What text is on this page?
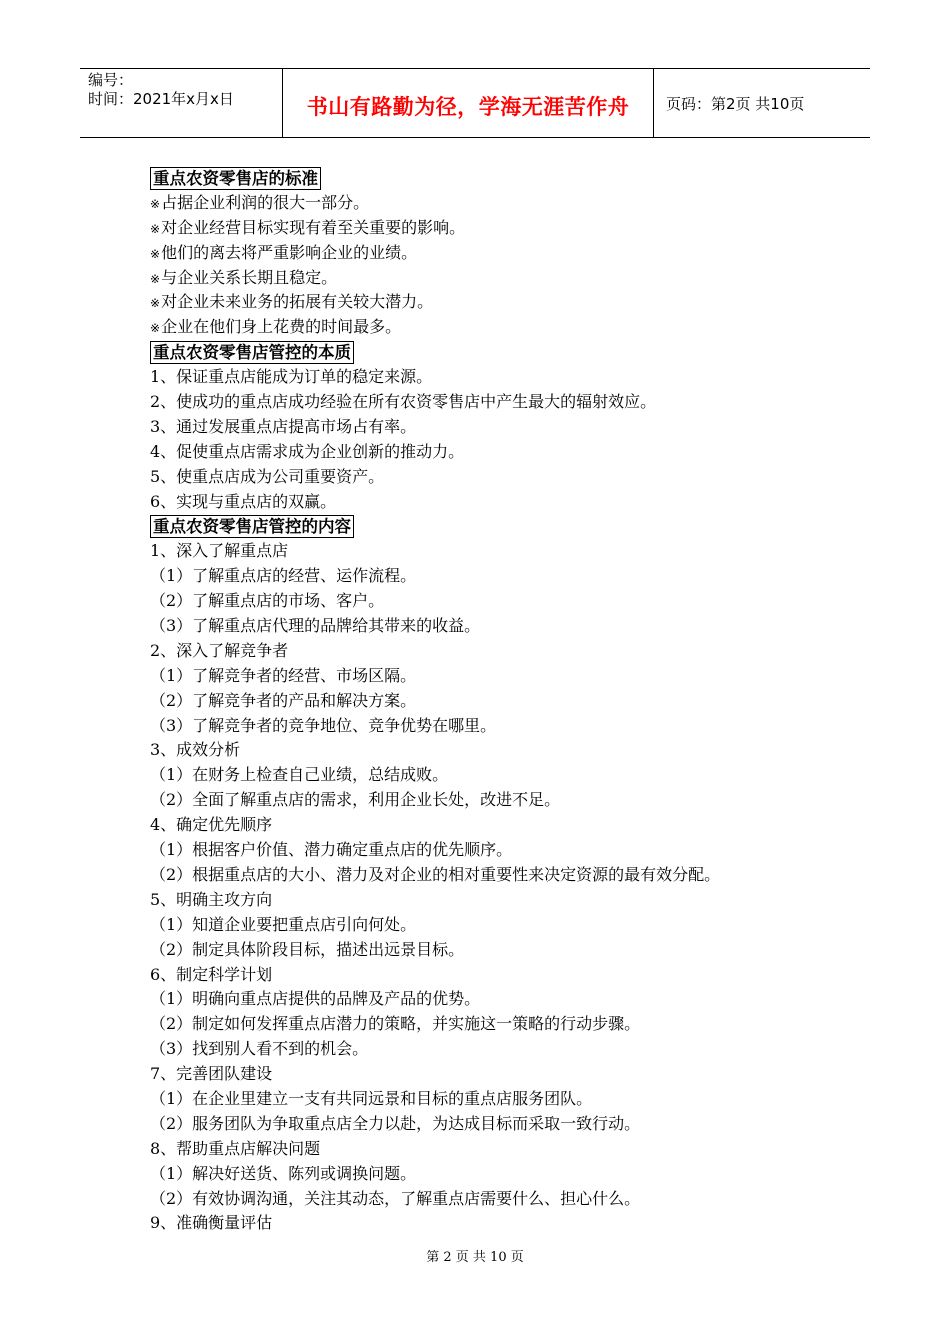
编号：
时间：2021年x月x日	书山有路勤为径，学海无涯苦作舟	页码：第2页 共10页
重点农资零售店的标准
※占据企业利润的很大一部分。
※对企业经营目标实现有着至关重要的影响。
※他们的离去将严重影响企业的业绩。
※与企业关系长期且稳定。
※对企业未来业务的拓展有关较大潜力。
※企业在他们身上花费的时间最多。
重点农资零售店管控的本质
1、保证重点店能成为订单的稳定来源。
2、使成功的重点店成功经验在所有农资零售店中产生最大的辐射效应。
3、通过发展重点店提高市场占有率。
4、促使重点店需求成为企业创新的推动力。
5、使重点店成为公司重要资产。
6、实现与重点店的双赢。
重点农资零售店管控的内容
1、深入了解重点店
（1）了解重点店的经营、运作流程。
（2）了解重点店的市场、客户。
（3）了解重点店代理的品牌给其带来的收益。
2、深入了解竞争者
（1）了解竞争者的经营、市场区隔。
（2）了解竞争者的产品和解决方案。
（3）了解竞争者的竞争地位、竞争优势在哪里。
3、成效分析
（1）在财务上检查自己业绩，总结成败。
（2）全面了解重点店的需求，利用企业长处，改进不足。
4、确定优先顺序
（1）根据客户价值、潜力确定重点店的优先顺序。
（2）根据重点店的大小、潜力及对企业的相对重要性来决定资源的最有效分配。
5、明确主攻方向
（1）知道企业要把重点店引向何处。
（2）制定具体阶段目标，描述出远景目标。
6、制定科学计划
（1）明确向重点店提供的品牌及产品的优势。
（2）制定如何发挥重点店潜力的策略，并实施这一策略的行动步骤。
（3）找到别人看不到的机会。
7、完善团队建设
（1）在企业里建立一支有共同远景和目标的重点店服务团队。
（2）服务团队为争取重点店全力以赴，为达成目标而采取一致行动。
8、帮助重点店解决问题
（1）解决好送货、陈列或调换问题。
（2）有效协调沟通，关注其动态，了解重点店需要什么、担心什么。
9、准确衡量评估
第 2 页 共 10 页
